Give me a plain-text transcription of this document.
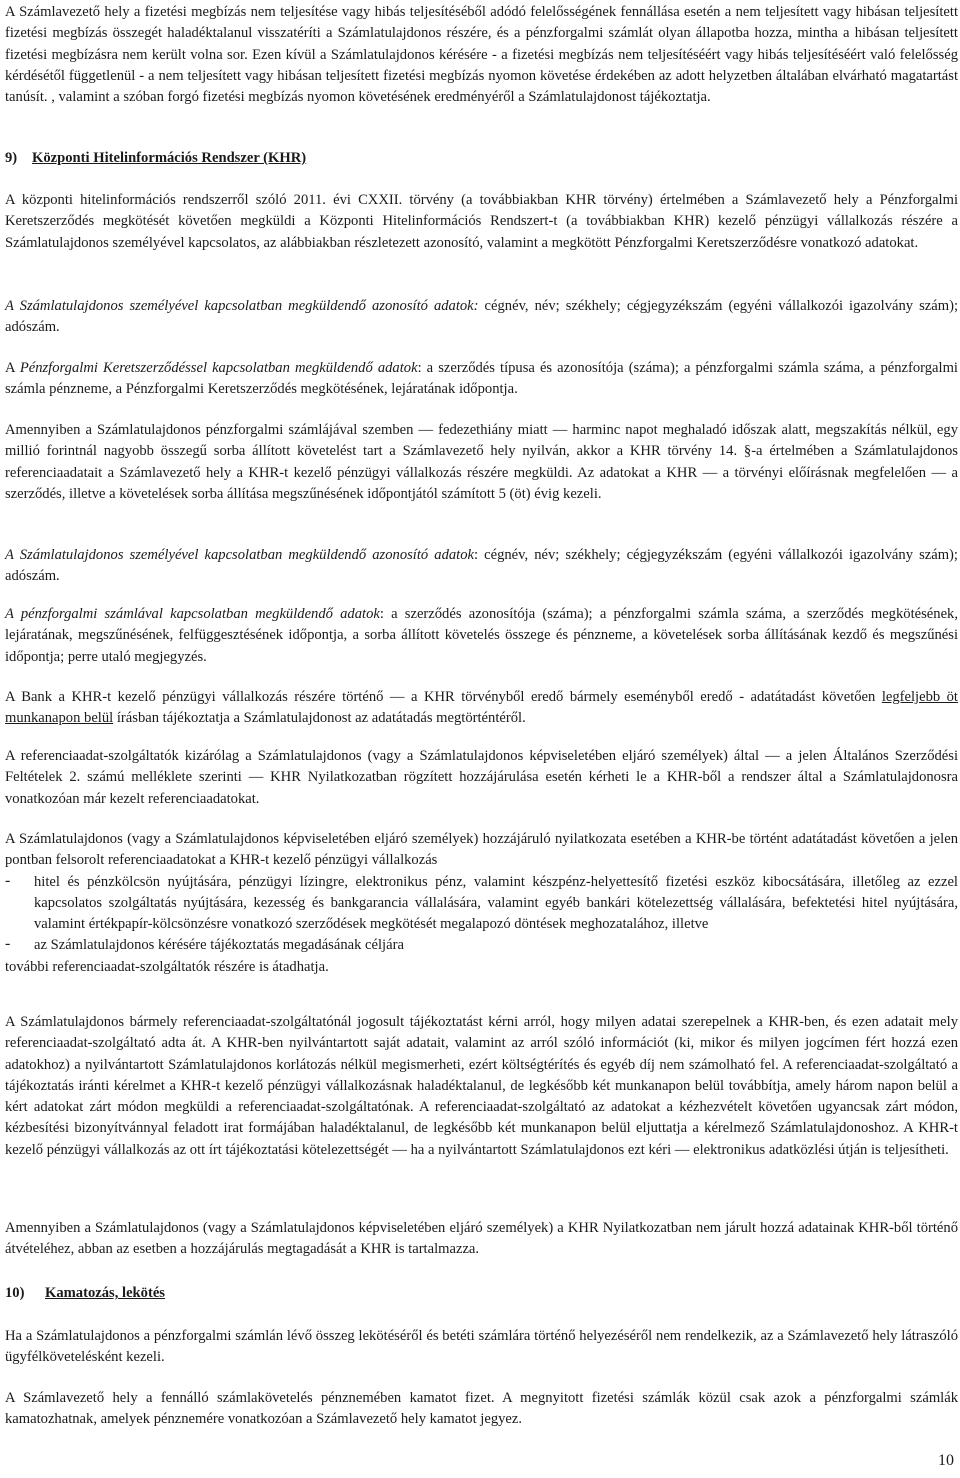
A Számlavezető hely a fizetési megbízás nem teljesítése vagy hibás teljesítéséből adódó felelősségének fennállása esetén a nem teljesített vagy hibásan teljesített fizetési megbízás összegét haladéktalanul visszatéríti a Számlatulajdonos részére, és a pénzforgalmi számlát olyan állapotba hozza, mintha a hibásan teljesített fizetési megbízásra nem került volna sor. Ezen kívül a Számlatulajdonos kérésére - a fizetési megbízás nem teljesítéséért vagy hibás teljesítéséért való felelősség kérdésétől függetlenül - a nem teljesített vagy hibásan teljesített fizetési megbízás nyomon követése érdekében az adott helyzetben általában elvárható magatartást tanúsít. , valamint a szóban forgó fizetési megbízás nyomon követésének eredményéről a Számlatulajdonost tájékoztatja.

9) Központi Hitelinformációs Rendszer (KHR)

A központi hitelinformációs rendszerről szóló 2011. évi CXXII. törvény (a továbbiakban KHR törvény) értelmében a Számlavezető hely a Pénzforgalmi Keretszerződés megkötését követően megküldi a Központi Hitelinformációs Rendszert-t (a továbbiakban KHR) kezelő pénzügyi vállalkozás részére a Számlatulajdonos személyével kapcsolatos, az alábbiakban részletezett azonosító, valamint a megkötött Pénzforgalmi Keretszerződésre vonatkozó adatokat.

A Számlatulajdonos személyével kapcsolatban megküldendő azonosító adatok: cégnév, név; székhely; cégjegyzékszám (egyéni vállalkozói igazolvány szám); adószám.

A Pénzforgalmi Keretszerződéssel kapcsolatban megküldendő adatok: a szerződés típusa és azonosítója (száma); a pénzforgalmi számla száma, a pénzforgalmi számla pénzneme, a Pénzforgalmi Keretszerződés megkötésének, lejáratának időpontja.

Amennyiben a Számlatulajdonos pénzforgalmi számlájával szemben — fedezethiány miatt — harminc napot meghaladó időszak alatt, megszakítás nélkül, egy millió forintnál nagyobb összegű sorba állított követelést tart a Számlavezető hely nyilván, akkor a KHR törvény 14. §-a értelmében a Számlatulajdonos referenciaadatait a Számlavezető hely a KHR-t kezelő pénzügyi vállalkozás részére megküldi. Az adatokat a KHR — a törvényi előírásnak megfelelően — a szerződés, illetve a követelések sorba állítása megszűnésének időpontjától számított 5 (öt) évig kezeli.

A Számlatulajdonos személyével kapcsolatban megküldendő azonosító adatok: cégnév, név; székhely; cégjegyzékszám (egyéni vállalkozói igazolvány szám); adószám.

A pénzforgalmi számlával kapcsolatban megküldendő adatok: a szerződés azonosítója (száma); a pénzforgalmi számla száma, a szerződés megkötésének, lejáratának, megszűnésének, felfüggesztésének időpontja, a sorba állított követelés összege és pénzneme, a követelések sorba állításának kezdő és megszűnési időpontja; perre utaló megjegyzés.

A Bank a KHR-t kezelő pénzügyi vállalkozás részére történő — a KHR törvényből eredő bármely eseményből eredő - adatátadást követően legfeljebb öt munkanapon belül írásban tájékoztatja a Számlatulajdonost az adatátadás megtörténtéről.

A referenciaadat-szolgáltatók kizárólag a Számlatulajdonos (vagy a Számlatulajdonos képviseletében eljáró személyek) által — a jelen Általános Szerződési Feltételek 2. számú melléklete szerinti — KHR Nyilatkozatban rögzített hozzájárulása esetén kérheti le a KHR-ből a rendszer által a Számlatulajdonosra vonatkozóan már kezelt referenciaadatokat.

A Számlatulajdonos (vagy a Számlatulajdonos képviseletében eljáró személyek) hozzájáruló nyilatkozata esetében a KHR-be történt adatátadást követően a jelen pontban felsorolt referenciaadatokat a KHR-t kezelő pénzügyi vállalkozás

- hitel és pénzkölcsön nyújtására, pénzügyi lízingre, elektronikus pénz, valamint készpénz-helyettesítő fizetési eszköz kibocsátására, illetőleg az ezzel kapcsolatos szolgáltatás nyújtására, kezesség és bankgarancia vállalására, valamint egyéb bankári kötelezettség vállalására, befektetési hitel nyújtására, valamint értékpapír-kölcsönzésre vonatkozó szerződések megkötését megalapozó döntések meghozatalához, illetve

- az Számlatulajdonos kérésére tájékoztatás megadásának céljára

további referenciaadat-szolgáltatók részére is átadhatja.

A Számlatulajdonos bármely referenciaadat-szolgáltatónál jogosult tájékoztatást kérni arról, hogy milyen adatai szerepelnek a KHR-ben, és ezen adatait mely referenciaadat-szolgáltató adta át. A KHR-ben nyilvántartott saját adatait, valamint az arról szóló információt (ki, mikor és milyen jogcímen fért hozzá ezen adatokhoz) a nyilvántartott Számlatulajdonos korlátozás nélkül megismerheti, ezért költségtérítés és egyéb díj nem számolható fel. A referenciaadat-szolgáltató a tájékoztatás iránti kérelmet a KHR-t kezelő pénzügyi vállalkozásnak haladéktalanul, de legkésőbb két munkanapon belül továbbítja, amely három napon belül a kért adatokat zárt módon megküldi a referenciaadat-szolgáltatónak. A referenciaadat-szolgáltató az adatokat a kézhezvételt követően ugyancsak zárt módon, kézbesítési bizonyítvánnyal feladott irat formájában haladéktalanul, de legkésőbb két munkanapon belül eljuttatja a kérelmező Számlatulajdonoshoz. A KHR-t kezelő pénzügyi vállalkozás az ott írt tájékoztatási kötelezettségét — ha a nyilvántartott Számlatulajdonos ezt kéri — elektronikus adatközlési útján is teljesítheti.

Amennyiben a Számlatulajdonos (vagy a Számlatulajdonos képviseletében eljáró személyek) a KHR Nyilatkozatban nem járult hozzá adatainak KHR-ből történő átvételéhez, abban az esetben a hozzájárulás megtagadását a KHR is tartalmazza.

10) Kamatozás, lekötés

Ha a Számlatulajdonos a pénzforgalmi számlán lévő összeg lekötéséről és betéti számlára történő helyezéséről nem rendelkezik, az a Számlavezető hely látraszóló ügyfélkövetelésként kezeli.

A Számlavezető hely a fennálló számlakövetelés pénznemében kamatot fizet. A megnyitott fizetési számlák közül csak azok a pénzforgalmi számlák kamatozhatnak, amelyek pénznemére vonatkozóan a Számlavezető hely kamatot jegyez.

10
